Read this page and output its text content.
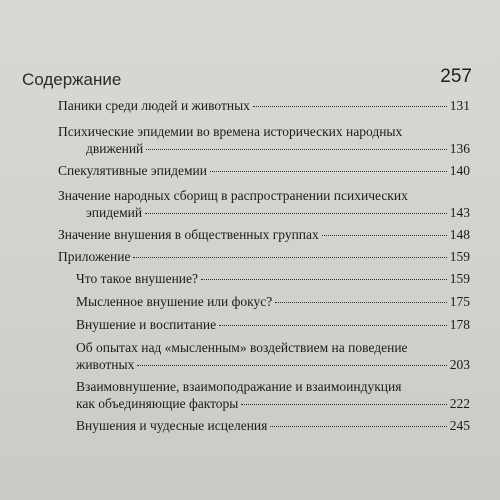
Содержание	257
Паники среди людей и животных	131
Психические эпидемии во времена исторических народных
движений	136
Спекулятивные эпидемии	140
Значение народных сборищ в распространении психических
эпидемий	143
Значение внушения в общественных группах	148
Приложение	159
Что такое внушение?	159
Мысленное внушение или фокус?	175
Внушение и воспитание	178
Об опытах над «мысленным» воздействием на поведение
животных	203
Взаимовнушение, взаимоподражание и взаимоиндукция
как объединяющие факторы	222
Внушения и чудесные исцеления	245
